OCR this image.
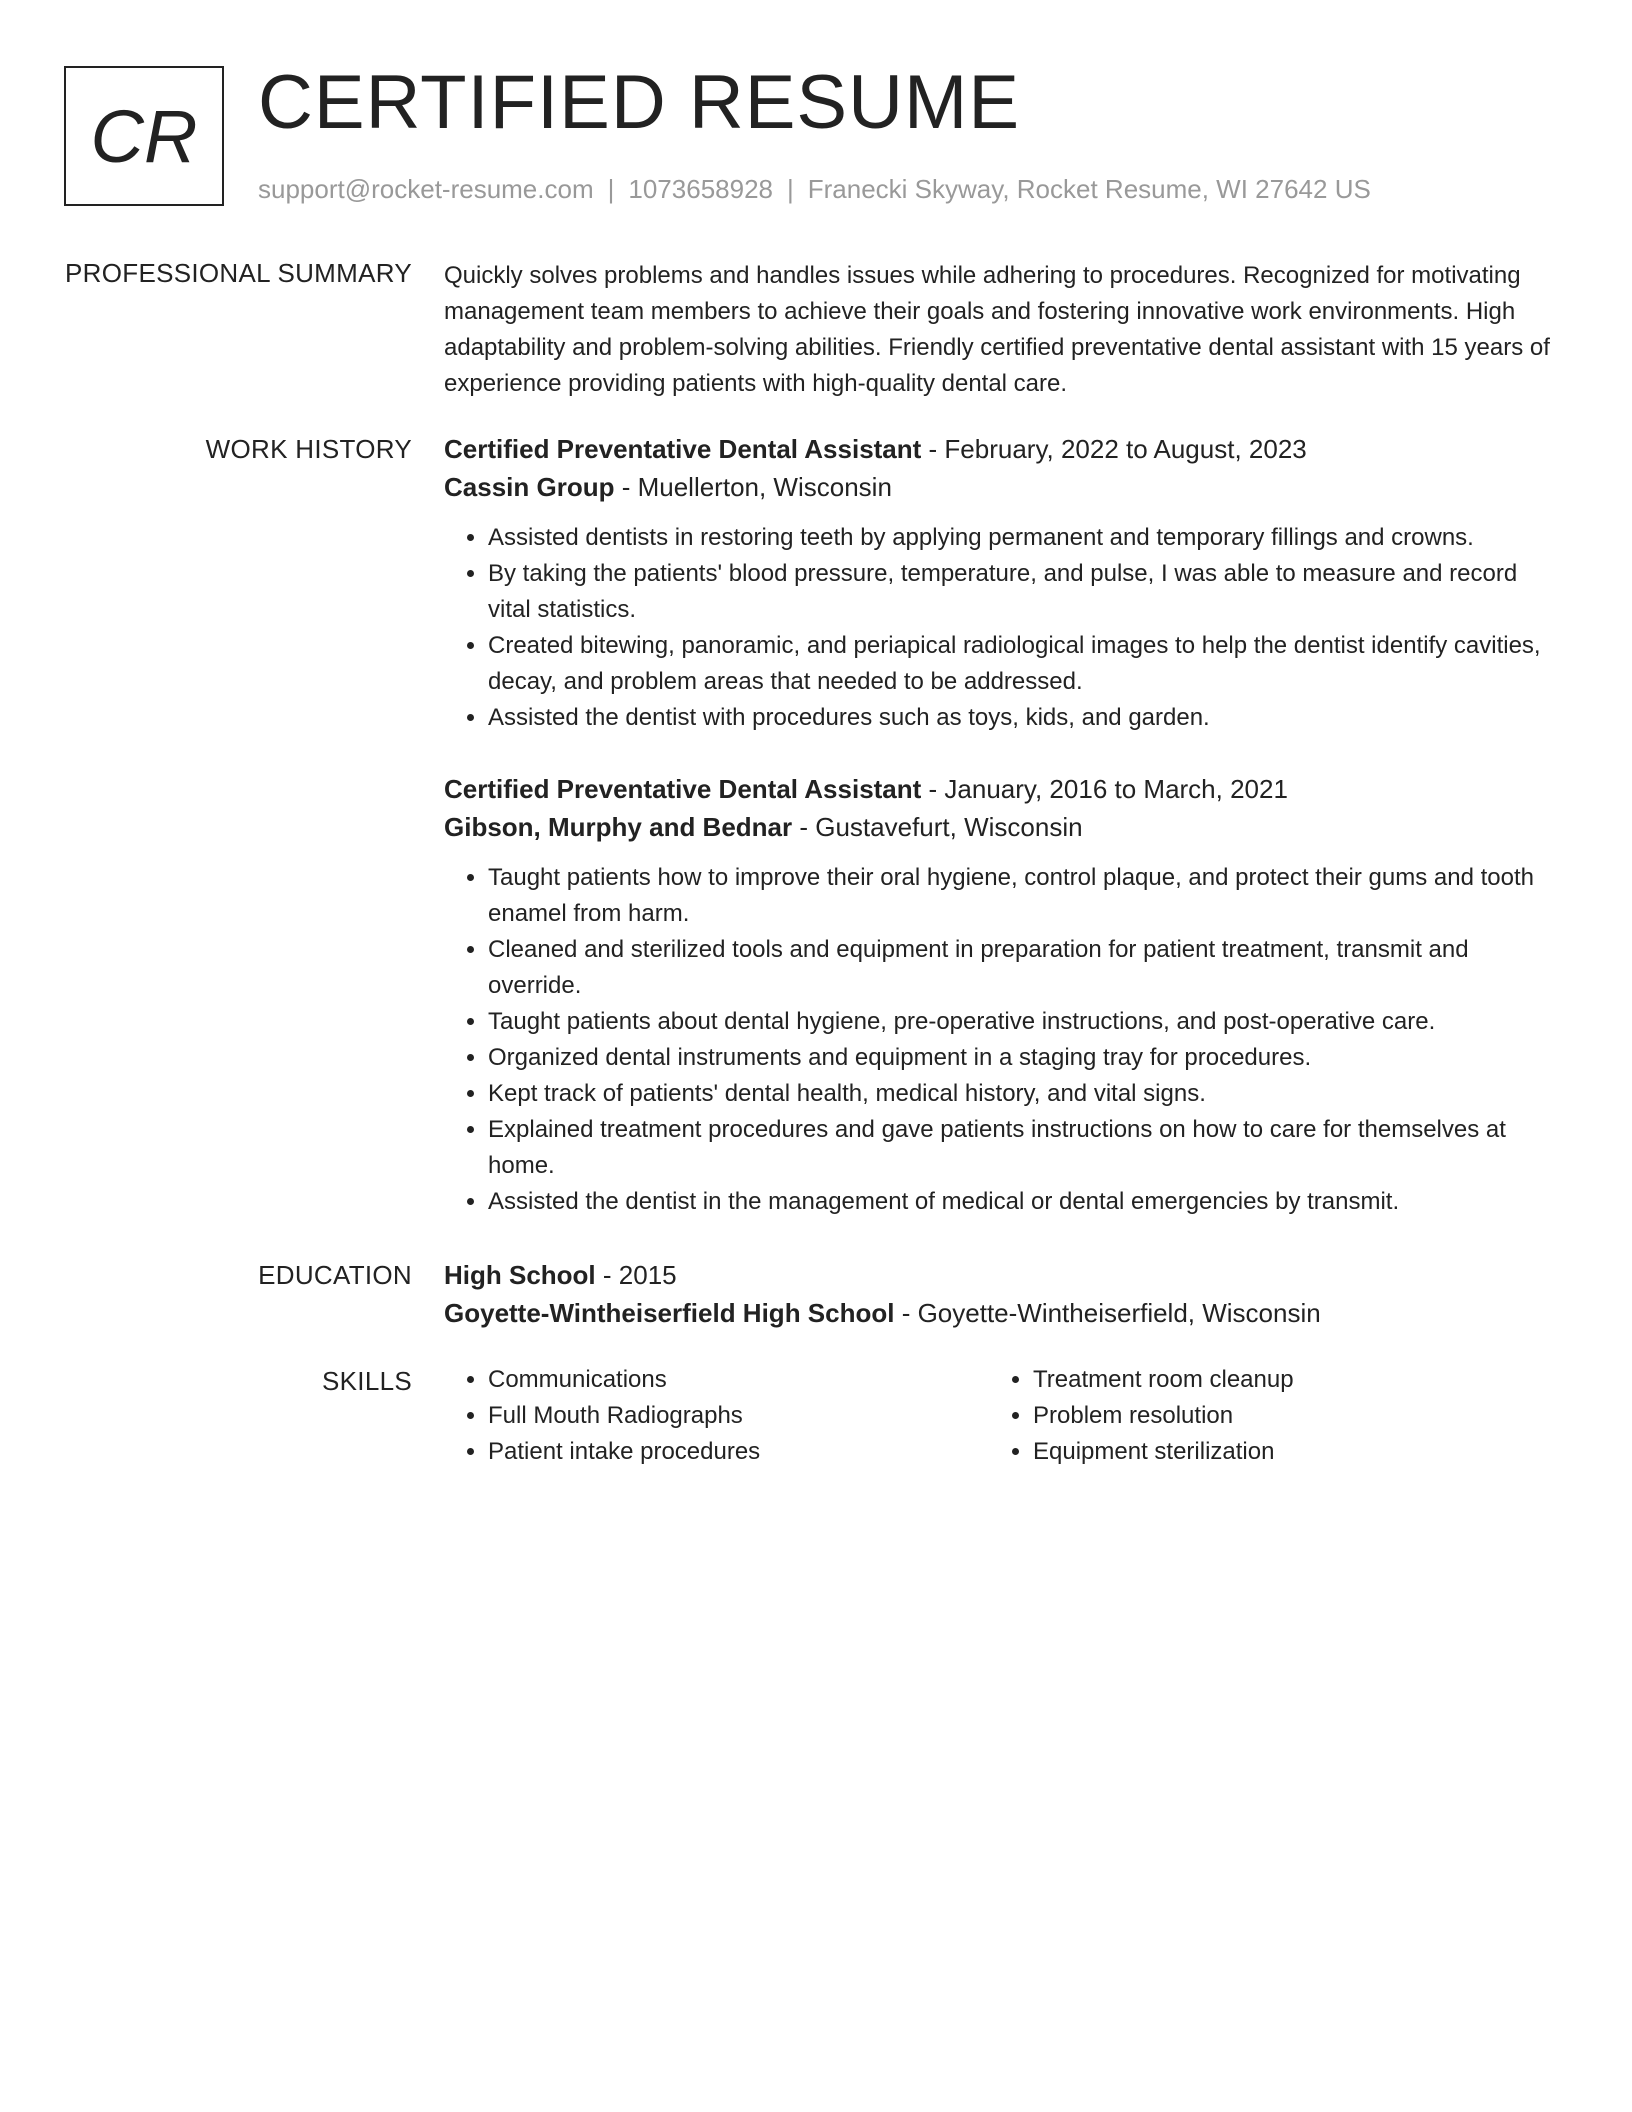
CR CERTIFIED RESUME
support@rocket-resume.com | 1073658928 | Franecki Skyway, Rocket Resume, WI 27642 US
PROFESSIONAL SUMMARY Quickly solves problems and handles issues while adhering to procedures. Recognized for motivating management team members to achieve their goals and fostering innovative work environments. High adaptability and problem-solving abilities. Friendly certified preventative dental assistant with 15 years of experience providing patients with high-quality dental care.
WORK HISTORY Certified Preventative Dental Assistant - February, 2022 to August, 2023
Cassin Group - Muellerton, Wisconsin
• Assisted dentists in restoring teeth by applying permanent and temporary fillings and crowns.
• By taking the patients' blood pressure, temperature, and pulse, I was able to measure and record vital statistics.
• Created bitewing, panoramic, and periapical radiological images to help the dentist identify cavities, decay, and problem areas that needed to be addressed.
• Assisted the dentist with procedures such as toys, kids, and garden.
Certified Preventative Dental Assistant - January, 2016 to March, 2021
Gibson, Murphy and Bednar - Gustavefurt, Wisconsin
• Taught patients how to improve their oral hygiene, control plaque, and protect their gums and tooth enamel from harm.
• Cleaned and sterilized tools and equipment in preparation for patient treatment, transmit and override.
• Taught patients about dental hygiene, pre-operative instructions, and post-operative care.
• Organized dental instruments and equipment in a staging tray for procedures.
• Kept track of patients' dental health, medical history, and vital signs.
• Explained treatment procedures and gave patients instructions on how to care for themselves at home.
• Assisted the dentist in the management of medical or dental emergencies by transmit.
EDUCATION High School - 2015
Goyette-Wintheiserfield High School - Goyette-Wintheiserfield, Wisconsin
SKILLS
•	Communications
• Full Mouth Radiographs
• Patient intake procedures
• Treatment room cleanup
• Problem resolution
• Equipment sterilization
